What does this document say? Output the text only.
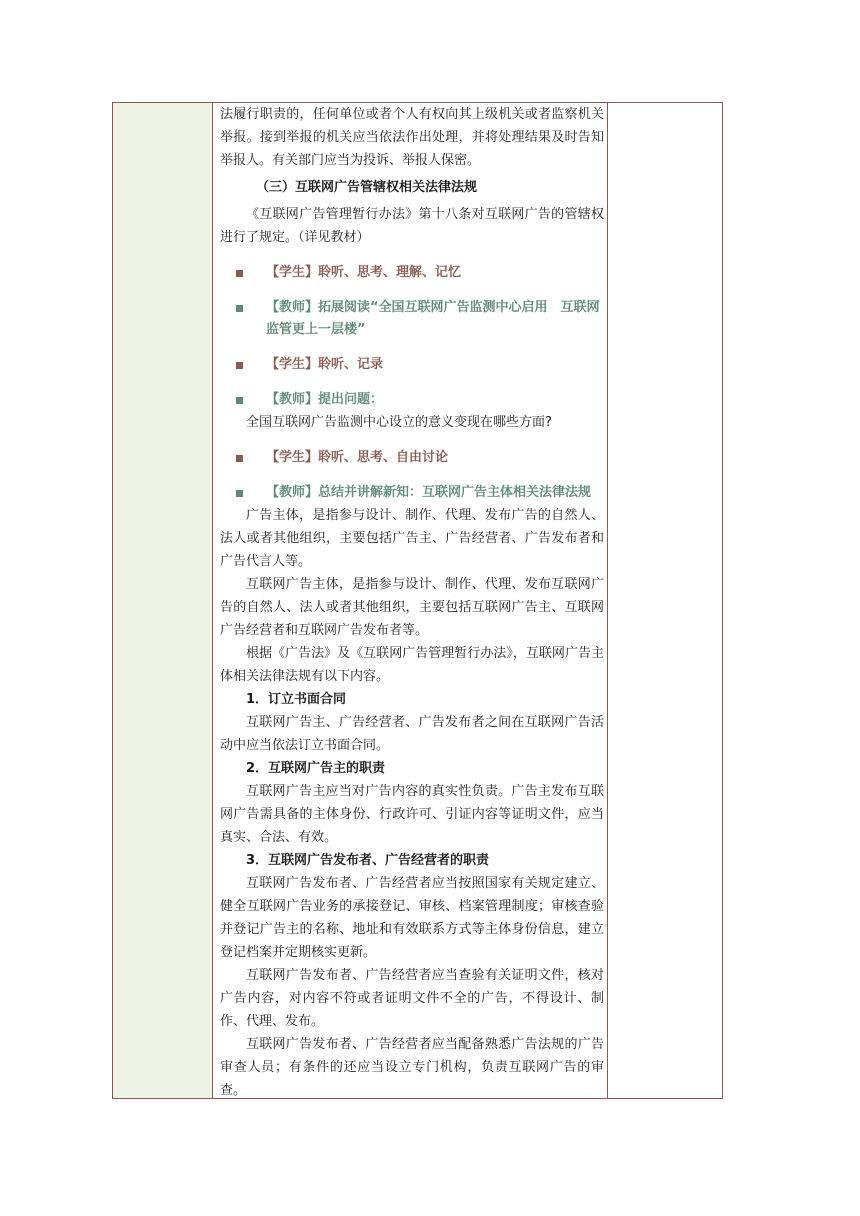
法履行职责的，任何单位或者个人有权向其上级机关或者监察机关举报。接到举报的机关应当依法作出处理，并将处理结果及时告知举报人。有关部门应当为投诉、举报人保密。

（三）互联网广告管辖权相关法律法规

《互联网广告管理暂行办法》第十八条对互联网广告的管辖权进行了规定。（详见教材）

【学生】聆听、思考、理解、记忆
【教师】拓展阅读“全国互联网广告监测中心启用　互联网监管更上一层楼”
【学生】聆听、记录
【教师】提出问题：

全国互联网广告监测中心设立的意义变现在哪些方面?

【学生】聆听、思考、自由讨论
【教师】总结并讲解新知：互联网广告主体相关法律法规

广告主体，是指参与设计、制作、代理、发布广告的自然人、法人或者其他组织，主要包括广告主、广告经营者、广告发布者和广告代言人等。

互联网广告主体，是指参与设计、制作、代理、发布互联网广告的自然人、法人或者其他组织，主要包括互联网广告主、互联网广告经营者和互联网广告发布者等。

根据《广告法》及《互联网广告管理暂行办法》，互联网广告主体相关法律法规有以下内容。

1．订立书面合同

互联网广告主、广告经营者、广告发布者之间在互联网广告活动中应当依法订立书面合同。

2．互联网广告主的职责

互联网广告主应当对广告内容的真实性负责。广告主发布互联网广告需具备的主体身份、行政许可、引证内容等证明文件，应当真实、合法、有效。

3．互联网广告发布者、广告经营者的职责

互联网广告发布者、广告经营者应当按照国家有关规定建立、健全互联网广告业务的承接登记、审核、档案管理制度；审核查验并登记广告主的名称、地址和有效联系方式等主体身份信息，建立登记档案并定期核实更新。

互联网广告发布者、广告经营者应当查验有关证明文件，核对广告内容，对内容不符或者证明文件不全的广告，不得设计、制作、代理、发布。

互联网广告发布者、广告经营者应当配备熟悉广告法规的广告审查人员；有条件的还应当设立专门机构，负责互联网广告的审查。
